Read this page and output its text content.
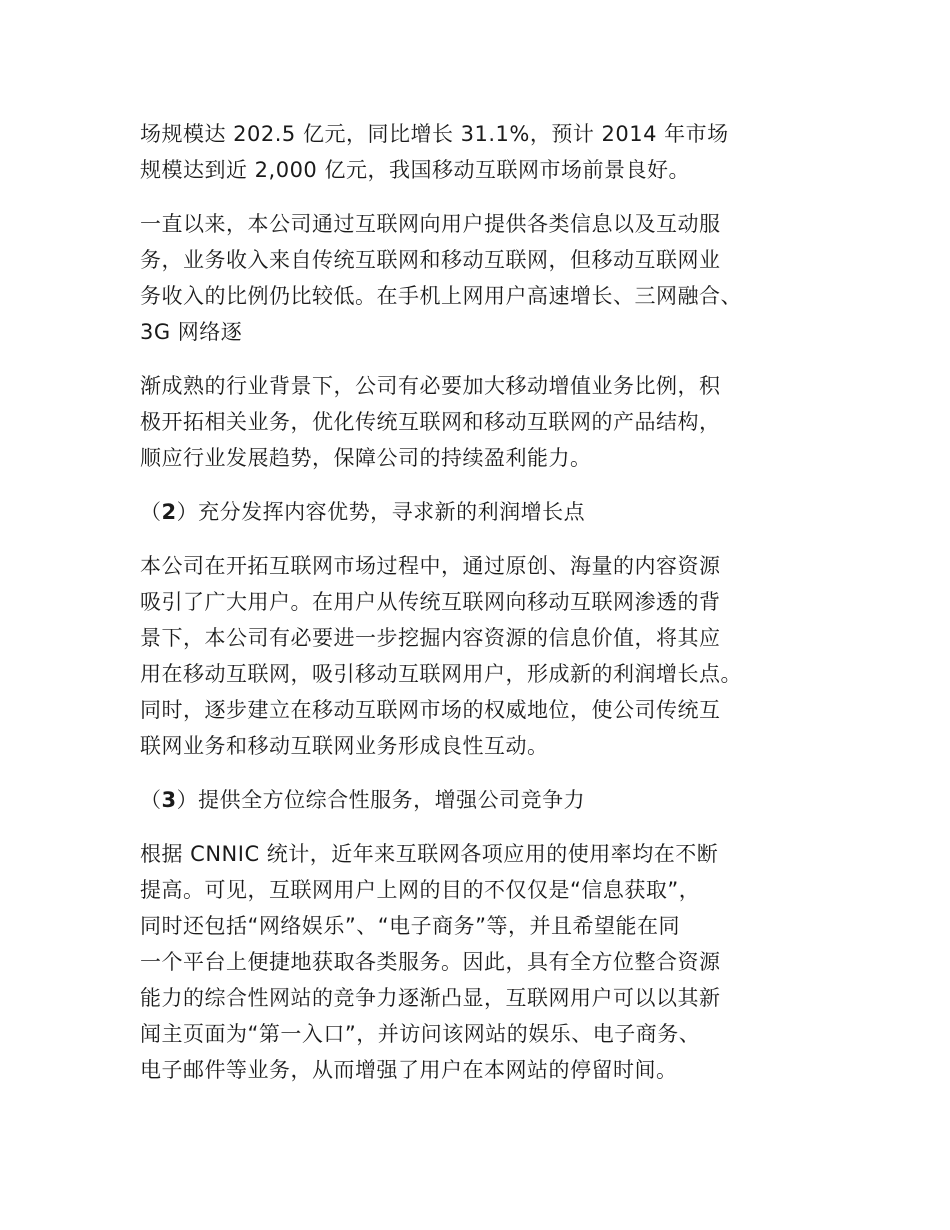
场规模达 202.5 亿元，同比增长 31.1%，预计 2014 年市场
规模达到近 2,000 亿元，我国移动互联网市场前景良好。

一直以来，本公司通过互联网向用户提供各类信息以及互动服
务，业务收入来自传统互联网和移动互联网，但移动互联网业
务收入的比例仍比较低。在手机上网用户高速增长、三网融合、
3G 网络逐

渐成熟的行业背景下，公司有必要加大移动增值业务比例，积
极开拓相关业务，优化传统互联网和移动互联网的产品结构，
顺应行业发展趋势，保障公司的持续盈利能力。

（2）充分发挥内容优势，寻求新的利润增长点

本公司在开拓互联网市场过程中，通过原创、海量的内容资源
吸引了广大用户。在用户从传统互联网向移动互联网渗透的背
景下，本公司有必要进一步挖掘内容资源的信息价值，将其应
用在移动互联网，吸引移动互联网用户，形成新的利润增长点。
同时，逐步建立在移动互联网市场的权威地位，使公司传统互
联网业务和移动互联网业务形成良性互动。

（3）提供全方位综合性服务，增强公司竞争力

根据 CNNIC 统计，近年来互联网各项应用的使用率均在不断
提高。可见，互联网用户上网的目的不仅仅是“信息获取”，
同时还包括“网络娱乐”、“电子商务”等，并且希望能在同
一个平台上便捷地获取各类服务。因此，具有全方位整合资源
能力的综合性网站的竞争力逐渐凸显，互联网用户可以以其新
闻主页面为“第一入口”，并访问该网站的娱乐、电子商务、
电子邮件等业务，从而增强了用户在本网站的停留时间。
